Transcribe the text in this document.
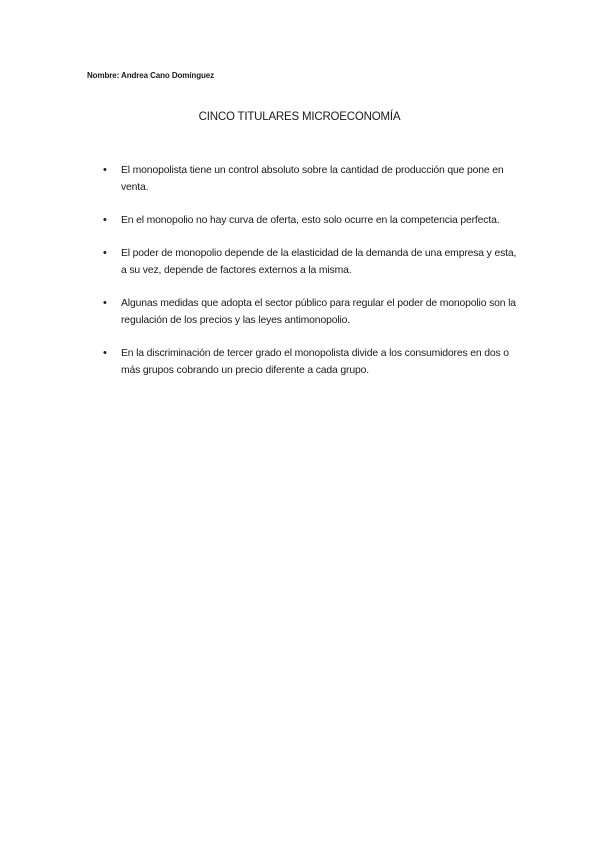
Nombre: Andrea Cano Domínguez
CINCO TITULARES MICROECONOMÍA
• El monopolista tiene un control absoluto sobre la cantidad de producción que pone en venta.
• En el monopolio no hay curva de oferta, esto solo ocurre en la competencia perfecta.
• El poder de monopolio depende de la elasticidad de la demanda de una empresa y esta, a su vez, depende de factores externos a la misma.
• Algunas medidas que adopta el sector público para regular el poder de monopolio son la regulación de los precios y las leyes antimonopolio.
• En la discriminación de tercer grado el monopolista divide a los consumidores en dos o más grupos cobrando un precio diferente a cada grupo.
